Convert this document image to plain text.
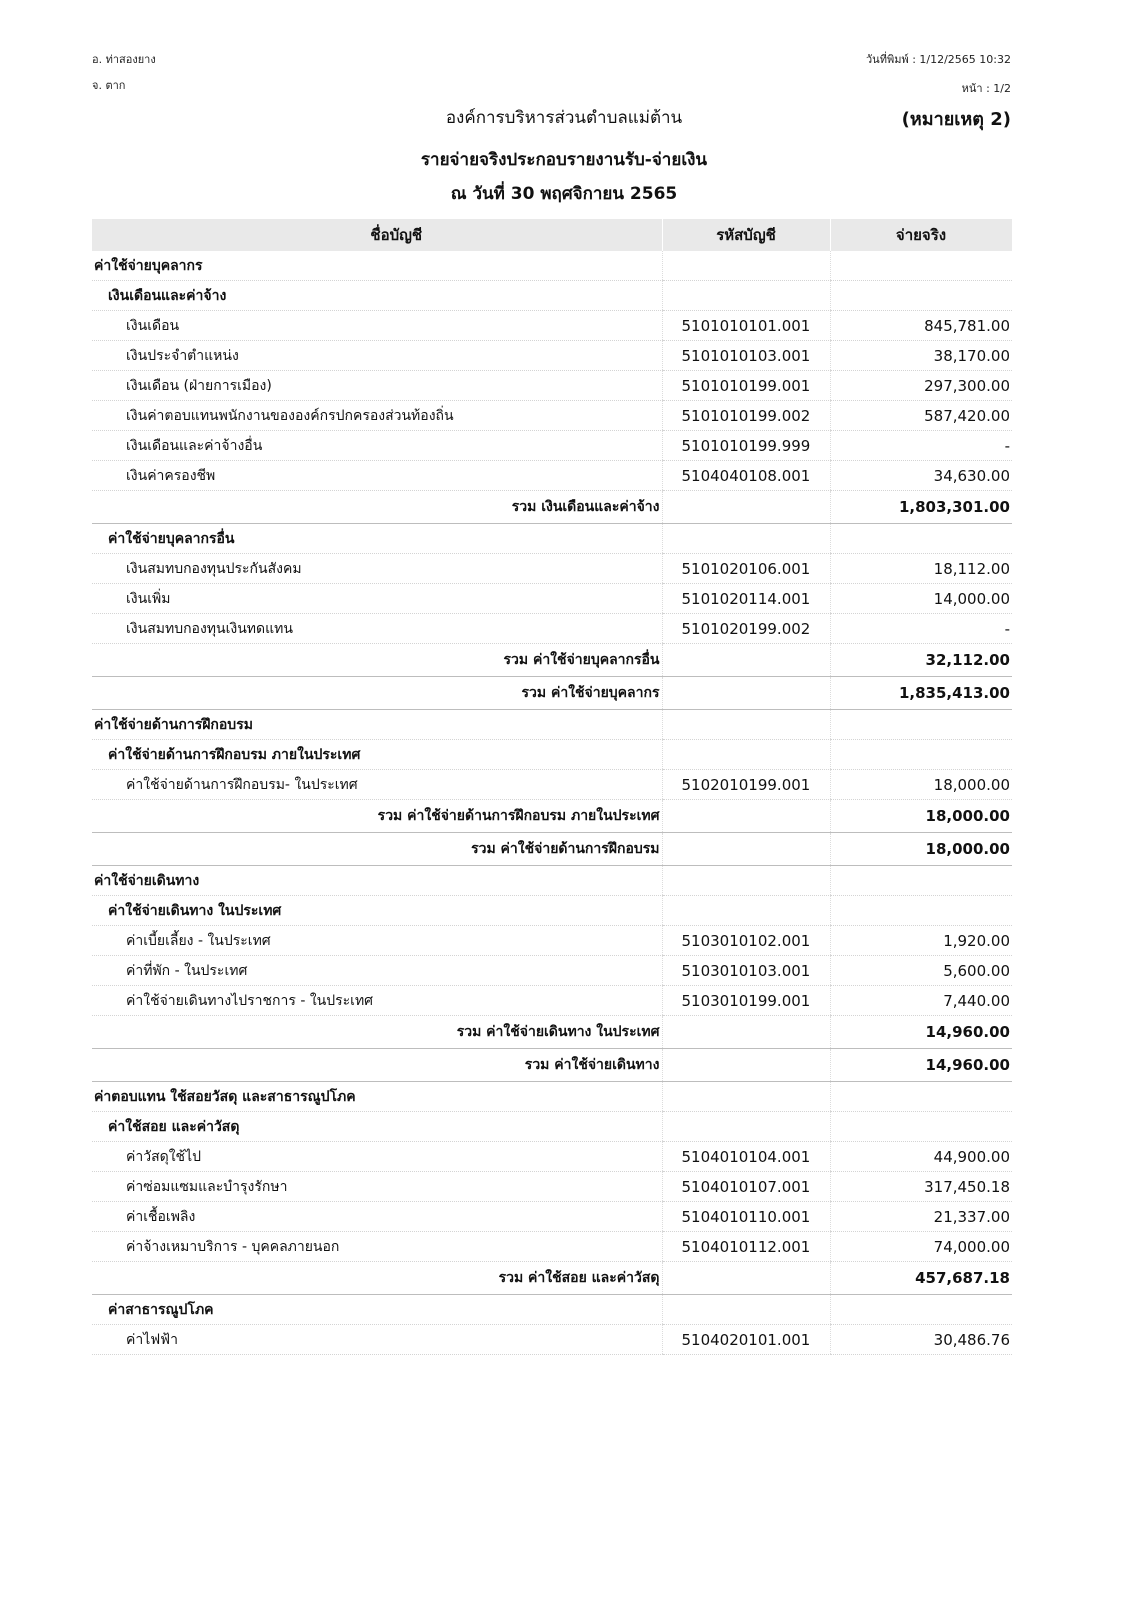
อ. ท่าสองยาง
จ. ตาก
วันที่พิมพ์ : 1/12/2565 10:32
หน้า : 1/2
องค์การบริหารส่วนตำบลแม่ต้าน	(หมายเหตุ 2)
รายจ่ายจริงประกอบรายงานรับ-จ่ายเงิน
ณ วันที่ 30 พฤศจิกายน 2565
ชื่อบัญชี	รหัสบัญชี	จ่ายจริง
ค่าใช้จ่ายบุคลากร		
เงินเดือนและค่าจ้าง		
เงินเดือน	5101010101.001	845,781.00
เงินประจำตำแหน่ง	5101010103.001	38,170.00
เงินเดือน (ฝ่ายการเมือง)	5101010199.001	297,300.00
เงินค่าตอบแทนพนักงานขององค์กรปกครองส่วนท้องถิ่น	5101010199.002	587,420.00
เงินเดือนและค่าจ้างอื่น	5101010199.999	-
เงินค่าครองชีพ	5104040108.001	34,630.00
รวม เงินเดือนและค่าจ้าง		1,803,301.00
ค่าใช้จ่ายบุคลากรอื่น		
เงินสมทบกองทุนประกันสังคม	5101020106.001	18,112.00
เงินเพิ่ม	5101020114.001	14,000.00
เงินสมทบกองทุนเงินทดแทน	5101020199.002	-
รวม ค่าใช้จ่ายบุคลากรอื่น		32,112.00
รวม ค่าใช้จ่ายบุคลากร		1,835,413.00
ค่าใช้จ่ายด้านการฝึกอบรม		
ค่าใช้จ่ายด้านการฝึกอบรม ภายในประเทศ		
ค่าใช้จ่ายด้านการฝึกอบรม- ในประเทศ	5102010199.001	18,000.00
รวม ค่าใช้จ่ายด้านการฝึกอบรม ภายในประเทศ		18,000.00
รวม ค่าใช้จ่ายด้านการฝึกอบรม		18,000.00
ค่าใช้จ่ายเดินทาง		
ค่าใช้จ่ายเดินทาง ในประเทศ		
ค่าเบี้ยเลี้ยง - ในประเทศ	5103010102.001	1,920.00
ค่าที่พัก - ในประเทศ	5103010103.001	5,600.00
ค่าใช้จ่ายเดินทางไปราชการ - ในประเทศ	5103010199.001	7,440.00
รวม ค่าใช้จ่ายเดินทาง ในประเทศ		14,960.00
รวม ค่าใช้จ่ายเดินทาง		14,960.00
ค่าตอบแทน ใช้สอยวัสดุ และสาธารณูปโภค		
ค่าใช้สอย และค่าวัสดุ		
ค่าวัสดุใช้ไป	5104010104.001	44,900.00
ค่าซ่อมแซมและบำรุงรักษา	5104010107.001	317,450.18
ค่าเชื้อเพลิง	5104010110.001	21,337.00
ค่าจ้างเหมาบริการ - บุคคลภายนอก	5104010112.001	74,000.00
รวม ค่าใช้สอย และค่าวัสดุ		457,687.18
ค่าสาธารณูปโภค		
ค่าไฟฟ้า	5104020101.001	30,486.76
